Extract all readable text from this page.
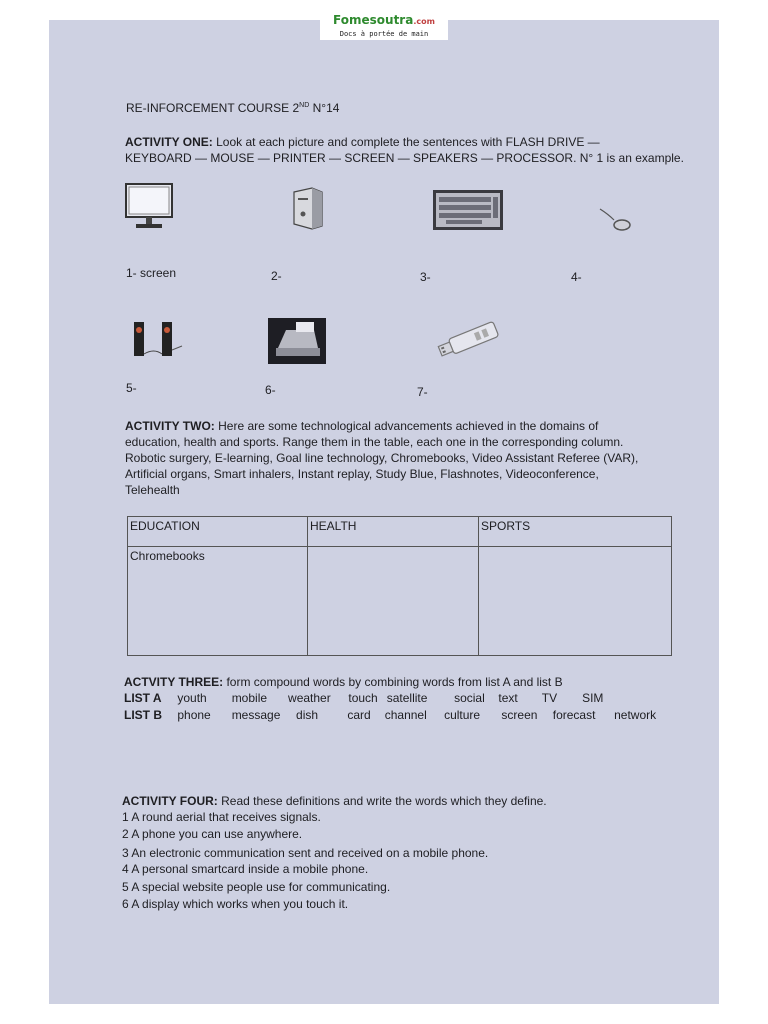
Fomesoutra.com
Docs à portée de main
RE-INFORCEMENT COURSE 2ND N°14
ACTIVITY ONE: Look at each picture and complete the sentences with FLASH DRIVE —
KEYBOARD — MOUSE — PRINTER — SCREEN — SPEAKERS — PROCESSOR. N° 1 is an example.
1- screen	2-	3-	4-
5-	6-	7-
ACTIVITY TWO: Here are some technological advancements achieved in the domains of
education, health and sports. Range them in the table, each one in the corresponding column.
Robotic surgery, E-learning, Goal line technology, Chromebooks, Video Assistant Referee (VAR),
Artificial organs, Smart inhalers, Instant replay, Study Blue, Flashnotes, Videoconference,
Telehealth
EDUCATION	HEALTH	SPORTS
Chromebooks		
ACTVITY THREE: form compound words by combining words from list A and list B
LIST A youth mobile weather touch satellite social text TV SIM
LIST B phone message dish card channel culture screen forecast network
ACTIVITY FOUR: Read these definitions and write the words which they define.
1 A round aerial that receives signals.
2 A phone you can use anywhere.
3 An electronic communication sent and received on a mobile phone.
4 A personal smartcard inside a mobile phone.
5 A special website people use for communicating.
6 A display which works when you touch it.
